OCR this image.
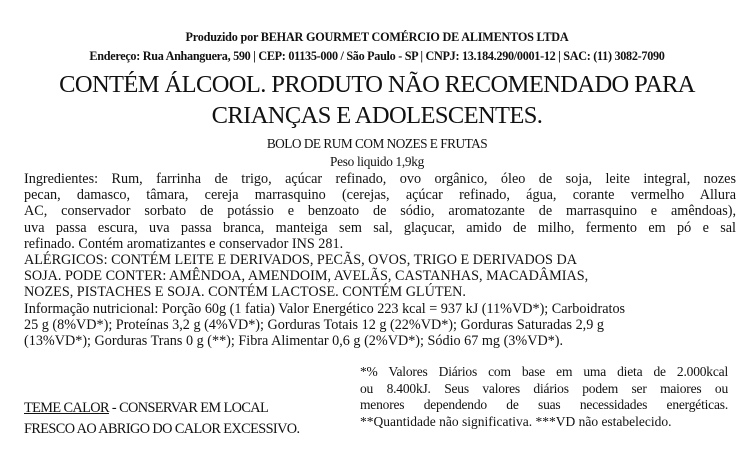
Produzido por BEHAR GOURMET COMÉRCIO DE ALIMENTOS LTDA
Endereço: Rua Anhanguera, 590 | CEP: 01135-000 / São Paulo - SP | CNPJ: 13.184.290/0001-12 | SAC: (11) 3082-7090
CONTÉM ÁLCOOL. PRODUTO NÃO RECOMENDADO PARA
CRIANÇAS E ADOLESCENTES.
BOLO DE RUM COM NOZES E FRUTAS
Peso liquido 1,9kg
Ingredientes: Rum, farrinha de trigo, açúcar refinado, ovo orgânico, óleo de soja, leite integral, nozes
pecan, damasco, tâmara, cereja marrasquino (cerejas, açúcar refinado, água, corante vermelho Allura
AC, conservador sorbato de potássio e benzoato de sódio, aromatozante de marrasquino e amêndoas),
uva passa escura, uva passa branca, manteiga sem sal, glaçucar, amido de milho, fermento em pó e sal
refinado. Contém aromatizantes e conservador INS 281.
ALÉRGICOS: CONTÉM LEITE E DERIVADOS, PECÃS, OVOS, TRIGO E DERIVADOS DA
SOJA. PODE CONTER: AMÊNDOA, AMENDOIM, AVELÃS, CASTANHAS, MACADÂMIAS,
NOZES, PISTACHES E SOJA. CONTÉM LACTOSE. CONTÉM GLÚTEN.
Informação nutricional: Porção 60g (1 fatia) Valor Energético 223 kcal = 937 kJ (11%VD*); Carboidratos
25 g (8%VD*); Proteínas 3,2 g (4%VD*); Gorduras Totais 12 g (22%VD*); Gorduras Saturadas 2,9 g
(13%VD*); Gorduras Trans 0 g (**); Fibra Alimentar 0,6 g (2%VD*); Sódio 67 mg (3%VD*).
TEME CALOR - CONSERVAR EM LOCAL
FRESCO AO ABRIGO DO CALOR EXCESSIVO.
*% Valores Diários com base em uma dieta de 2.000kcal
ou 8.400kJ. Seus valores diários podem ser maiores ou
menores dependendo de suas necessidades energéticas.
**Quantidade não significativa. ***VD não estabelecido.
